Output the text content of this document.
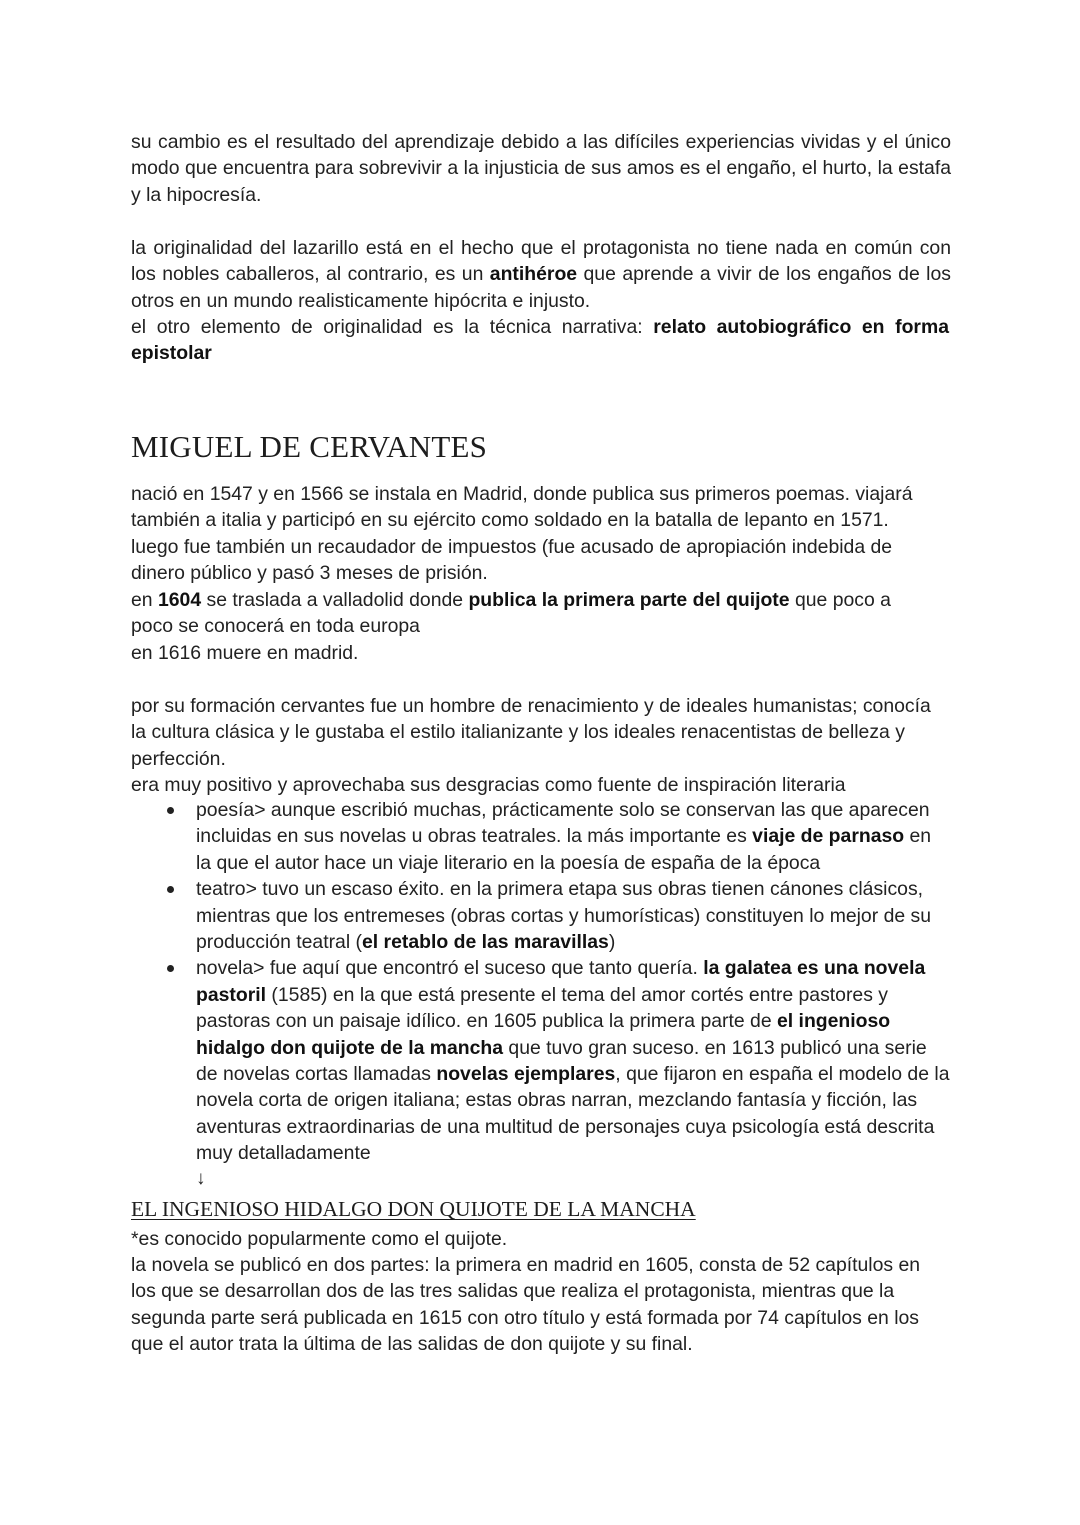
su cambio es el resultado del aprendizaje debido a las difíciles experiencias vividas y el único modo que encuentra para sobrevivir a la injusticia de sus amos es el engaño, el hurto, la estafa y la hipocresía.

la originalidad del lazarillo está en el hecho que el protagonista no tiene nada en común con los nobles caballeros, al contrario, es un antihéroe que aprende a vivir de los engaños de los otros en un mundo realisticamente hipócrita e injusto.

el otro elemento de originalidad es la técnica narrativa: relato autobiográfico en forma epistolar

MIGUEL DE CERVANTES

nació en 1547 y en 1566 se instala en Madrid, donde publica sus primeros poemas. viajará también a italia y participó en su ejército como soldado en la batalla de lepanto en 1571.

luego fue también un recaudador de impuestos (fue acusado de apropiación indebida de dinero público y pasó 3 meses de prisión.

en 1604 se traslada a valladolid donde publica la primera parte del quijote que poco a poco se conocerá en toda europa

en 1616 muere en madrid.

por su formación cervantes fue un hombre de renacimiento y de ideales humanistas; conocía la cultura clásica y le gustaba el estilo italianizante y los ideales renacentistas de belleza y perfección.

era muy positivo y aprovechaba sus desgracias como fuente de inspiración literaria

poesía> aunque escribió muchas, prácticamente solo se conservan las que aparecen incluidas en sus novelas u obras teatrales. la más importante es viaje de parnaso en la que el autor hace un viaje literario en la poesía de españa de la época
teatro> tuvo un escaso éxito. en la primera etapa sus obras tienen cánones clásicos, mientras que los entremeses (obras cortas y humorísticas) constituyen lo mejor de su producción teatral (el retablo de las maravillas)
novela> fue aquí que encontró el suceso que tanto quería. la galatea es una novela pastoril (1585) en la que está presente el tema del amor cortés entre pastores y pastoras con un paisaje idílico. en 1605 publica la primera parte de el ingenioso hidalgo don quijote de la mancha que tuvo gran suceso. en 1613 publicó una serie de novelas cortas llamadas novelas ejemplares, que fijaron en españa el modelo de la novela corta de origen italiana; estas obras narran, mezclando fantasía y ficción, las aventuras extraordinarias de una multitud de personajes cuya psicología está descrita muy detalladamente
↓
EL INGENIOSO HIDALGO DON QUIJOTE DE LA MANCHA

*es conocido popularmente como el quijote.

la novela se publicó en dos partes: la primera en madrid en 1605, consta de 52 capítulos en los que se desarrollan dos de las tres salidas que realiza el protagonista, mientras que la segunda parte será publicada en 1615 con otro título y está formada por 74 capítulos en los que el autor trata la última de las salidas de don quijote y su final.
